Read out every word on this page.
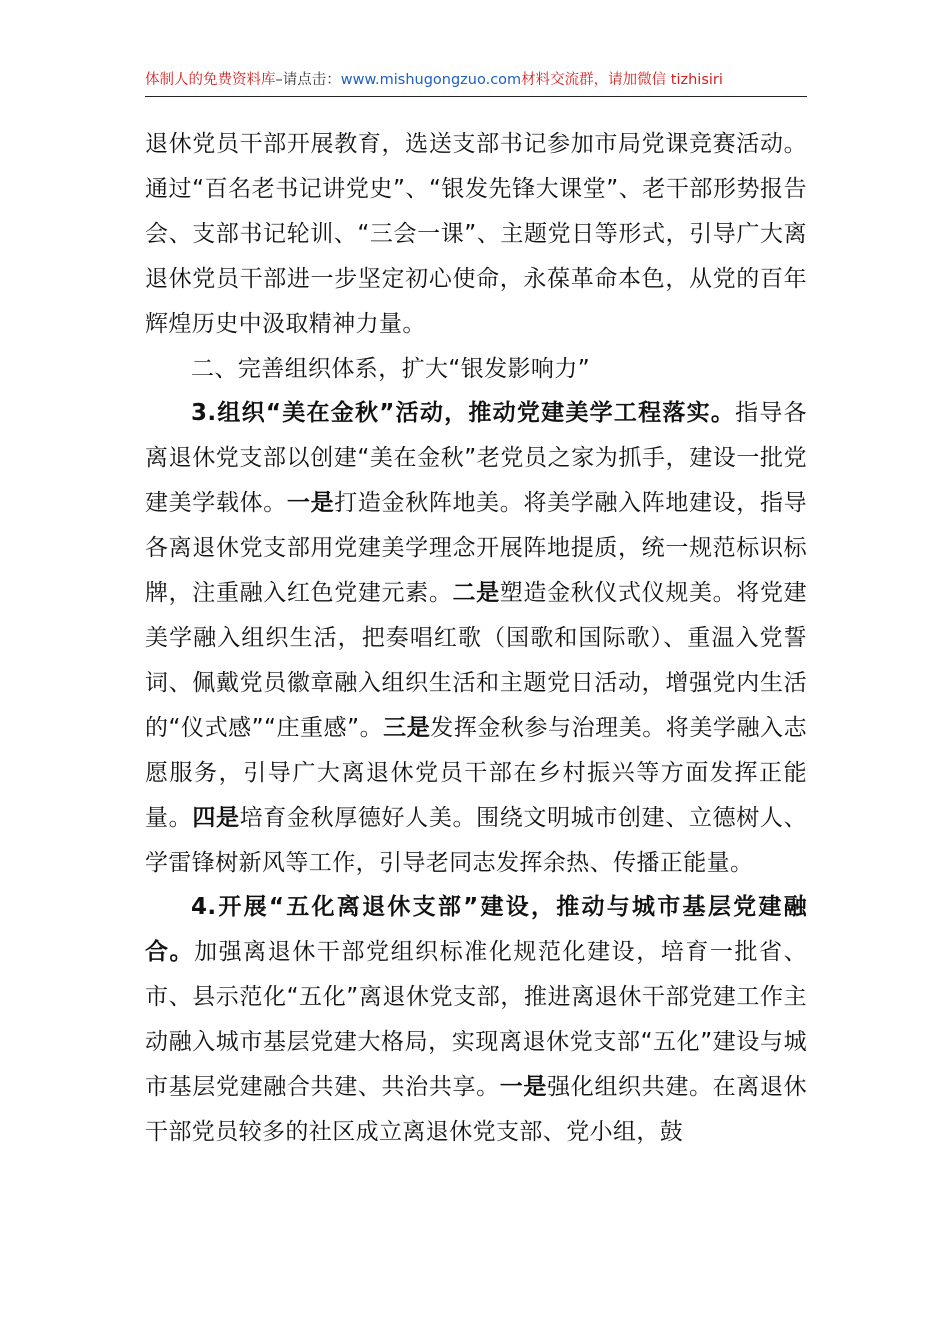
体制人的免费资料库–请点击：www.mishugongzuo.com材料交流群，请加微信 tizhisiri

退休党员干部开展教育，选送支部书记参加市局党课竞赛活动。通过“百名老书记讲党史”、“银发先锋大课堂”、老干部形势报告会、支部书记轮训、“三会一课”、主题党日等形式，引导广大离退休党员干部进一步坚定初心使命，永葆革命本色，从党的百年辉煌历史中汲取精神力量。

二、完善组织体系，扩大“银发影响力”

3.组织“美在金秋”活动，推动党建美学工程落实。指导各离退休党支部以创建“美在金秋”老党员之家为抓手，建设一批党建美学载体。一是打造金秋阵地美。将美学融入阵地建设，指导各离退休党支部用党建美学理念开展阵地提质，统一规范标识标牌，注重融入红色党建元素。二是塑造金秋仪式仪规美。将党建美学融入组织生活，把奏唱红歌（国歌和国际歌）、重温入党誓词、佩戴党员徽章融入组织生活和主题党日活动，增强党内生活的“仪式感”“庄重感”。三是发挥金秋参与治理美。将美学融入志愿服务，引导广大离退休党员干部在乡村振兴等方面发挥正能量。四是培育金秋厚德好人美。围绕文明城市创建、立德树人、学雷锋树新风等工作，引导老同志发挥余热、传播正能量。

4.开展“五化离退休支部”建设，推动与城市基层党建融合。加强离退休干部党组织标准化规范化建设，培育一批省、市、县示范化“五化”离退休党支部，推进离退休干部党建工作主动融入城市基层党建大格局，实现离退休党支部“五化”建设与城市基层党建融合共建、共治共享。一是强化组织共建。在离退休干部党员较多的社区成立离退休党支部、党小组，鼓
